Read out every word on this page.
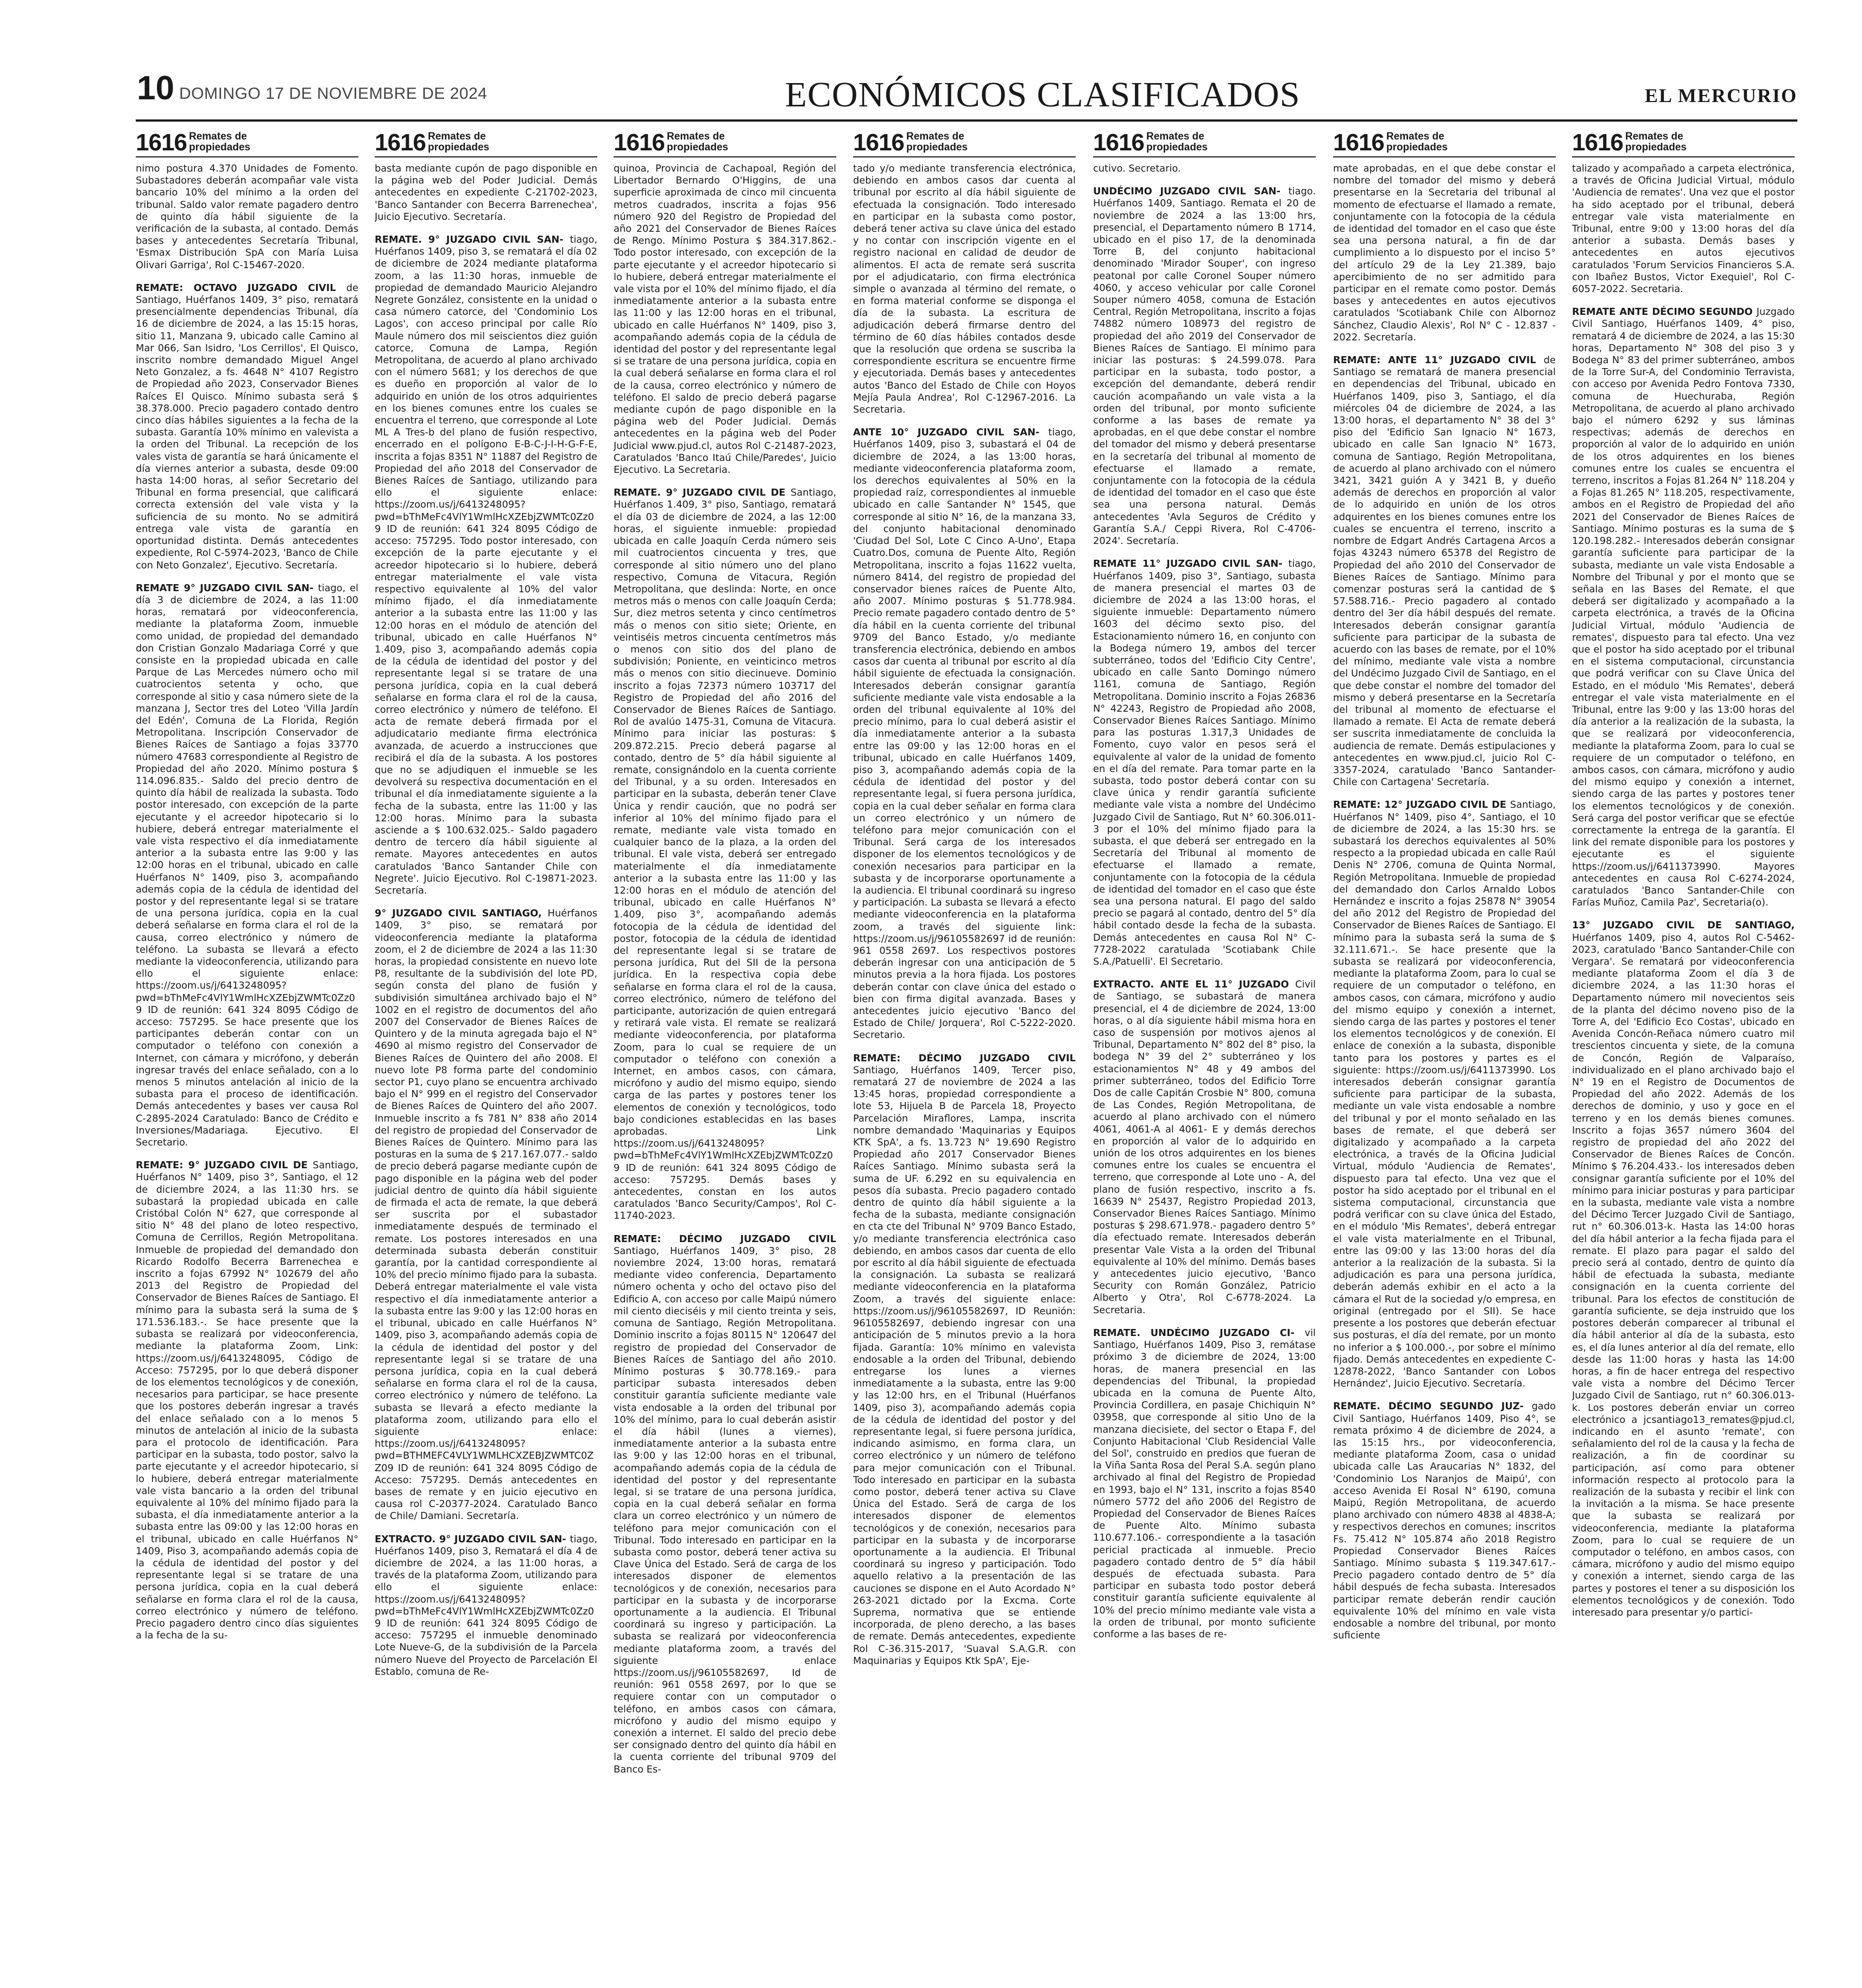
10 DOMINGO 17 DE NOVIEMBRE DE 2024	ECONÓMICOS CLASIFICADOS	EL MERCURIO
1616 Remates de propiedades

nimo postura 4.370 Unidades de Fomento. Subastadores deberán acompañar vale vista bancario 10% del mínimo a la orden del tribunal. Saldo valor remate pagadero dentro de quinto día hábil siguiente de la verificación de la subasta, al contado. Demás bases y antecedentes Secretaría Tribunal, 'Esmax Distribución SpA con María Luisa Olivari Garriga', Rol C-15467-2020.

REMATE: OCTAVO JUZGADO CIVIL de Santiago, Huérfanos 1409, 3° piso, rematará presencialmente dependencias Tribunal, día 16 de diciembre de 2024, a las 15:15 horas, sitio 11, Manzana 9, ubicado calle Camino al Mar 066, San Isidro, 'Los Cerrillos', El Quisco, inscrito nombre demandado Miguel Angel Neto Gonzalez, a fs. 4648 N° 4107 Registro de Propiedad año 2023, Conservador Bienes Raíces El Quisco. Mínimo subasta será $ 38.378.000. Precio pagadero contado dentro cinco días hábiles siguientes a la fecha de la subasta. Garantía 10% mínimo en valevista a la orden del Tribunal. La recepción de los vales vista de garantía se hará únicamente el día viernes anterior a subasta, desde 09:00 hasta 14:00 horas, al señor Secretario del Tribunal en forma presencial, que calificará correcta extensión del vale vista y la suficiencia de su monto. No se admitirá entrega vale vista de garantía en oportunidad distinta. Demás antecedentes expediente, Rol C-5974-2023, 'Banco de Chile con Neto Gonzalez', Ejecutivo. Secretaría.

REMATE 9° JUZGADO CIVIL SAN- tiago, el día 3 de diciembre de 2024, a las 11:00 horas, rematará por videoconferencia, mediante la plataforma Zoom, inmueble como unidad, de propiedad del demandado don Cristian Gonzalo Madariaga Corré y que consiste en la propiedad ubicada en calle Parque de Las Mercedes número ocho mil cuatrocientos setenta y ocho, que corresponde al sitio y casa número siete de la manzana J, Sector tres del Loteo 'Villa Jardín del Edén', Comuna de La Florida, Región Metropolitana. Inscripción Conservador de Bienes Raíces de Santiago a fojas 33770 número 47683 correspondiente al Registro de Propiedad del año 2020. Mínimo postura $ 114.096.835.- Saldo del precio dentro de quinto día hábil de realizada la subasta. Todo postor interesado, con excepción de la parte ejecutante y el acreedor hipotecario si lo hubiere, deberá entregar materialmente el vale vista respectivo el día inmediatamente anterior a la subasta entre las 9:00 y las 12:00 horas en el tribunal, ubicado en calle Huérfanos N° 1409, piso 3, acompañando además copia de la cédula de identidad del postor y del representante legal si se tratare de una persona jurídica, copia en la cual deberá señalarse en forma clara el rol de la causa, correo electrónico y número de teléfono. La subasta se llevará a efecto mediante la videoconferencia, utilizando para ello el siguiente enlace: https://zoom.us/j/6413248095?pwd=bThMeFc4VlY1WmlHcXZEbjZWMTc0Zz09 ID de reunión: 641 324 8095 Código de acceso: 757295. Se hace presente que los participantes deberán contar con un computador o teléfono con conexión a Internet, con cámara y micrófono, y deberán ingresar través del enlace señalado, con a lo menos 5 minutos antelación al inicio de la subasta para el proceso de identificación. Demás antecedentes y bases ver causa Rol C-2895-2024 Caratulado: Banco de Crédito e Inversiones/Madariaga. Ejecutivo. El Secretario.

REMATE: 9° JUZGADO CIVIL DE Santiago, Huérfanos N° 1409, piso 3°, Santiago, el 12 de diciembre 2024, a las 11:30 hrs. se subastará la propiedad ubicada en calle Cristóbal Colón N° 627, que corresponde al sitio N° 48 del plano de loteo respectivo, Comuna de Cerrillos, Región Metropolitana. Inmueble de propiedad del demandado don Ricardo Rodolfo Becerra Barrenechea e inscrito a fojas 67992 N° 102679 del año 2013 del Registro de Propiedad del Conservador de Bienes Raíces de Santiago. El mínimo para la subasta será la suma de $ 171.536.183.-. Se hace presente que la subasta se realizará por videoconferencia, mediante la plataforma Zoom, Link: https://zoom.us/j/6413248095, Código de Acceso: 757295, por lo que deberá disponer de los elementos tecnológicos y de conexión, necesarios para participar, se hace presente que los postores deberán ingresar a través del enlace señalado con a lo menos 5 minutos de antelación al inicio de la subasta para el protocolo de identificación. Para participar en la subasta, todo postor, salvo la parte ejecutante y el acreedor hipotecario, si lo hubiere, deberá entregar materialmente vale vista bancario a la orden del tribunal equivalente al 10% del mínimo fijado para la subasta, el día inmediatamente anterior a la subasta entre las 09:00 y las 12:00 horas en el tribunal, ubicado en calle Huérfanos N° 1409, Piso 3, acompañando además copia de la cédula de identidad del postor y del representante legal si se tratare de una persona jurídica, copia en la cual deberá señalarse en forma clara el rol de la causa, correo electrónico y número de teléfono. Precio pagadero dentro cinco días siguientes a la fecha de la su-

1616 Remates de propiedades

basta mediante cupón de pago disponible en la página web del Poder Judicial. Demás antecedentes en expediente C-21702-2023, 'Banco Santander con Becerra Barrenechea', Juicio Ejecutivo. Secretaría.

REMATE. 9° JUZGADO CIVIL SAN- tiago, Huérfanos 1409, piso 3, se rematará el día 02 de diciembre de 2024 mediante plataforma zoom, a las 11:30 horas, inmueble de propiedad de demandado Mauricio Alejandro Negrete González, consistente en la unidad o casa número catorce, del 'Condominio Los Lagos', con acceso principal por calle Río Maule número dos mil seiscientos diez guión catorce, Comuna de Lampa, Región Metropolitana, de acuerdo al plano archivado con el número 5681; y los derechos de que es dueño en proporción al valor de lo adquirido en unión de los otros adquirientes en los bienes comunes entre los cuales se encuentra el terreno, que corresponde al Lote ML A Tres-b del plano de fusión respectivo, encerrado en el polígono E-B-C-J-I-H-G-F-E, inscrita a fojas 8351 N° 11887 del Registro de Propiedad del año 2018 del Conservador de Bienes Raíces de Santiago, utilizando para ello el siguiente enlace: https://zoom.us/j/6413248095?pwd=bThMeFc4VlY1WmlHcXZEbjZWMTc0Zz09 ID de reunión: 641 324 8095 Código de acceso: 757295. Todo postor interesado, con excepción de la parte ejecutante y el acreedor hipotecario si lo hubiere, deberá entregar materialmente el vale vista respectivo equivalente al 10% del valor mínimo fijado, el día inmediatamente anterior a la subasta entre las 11:00 y las 12:00 horas en el módulo de atención del tribunal, ubicado en calle Huérfanos N° 1.409, piso 3, acompañando además copia de la cédula de identidad del postor y del representante legal si se tratare de una persona jurídica, copia en la cual deberá señalarse en forma clara el rol de la causa, correo electrónico y número de teléfono. El acta de remate deberá firmada por el adjudicatario mediante firma electrónica avanzada, de acuerdo a instrucciones que recibirá el día de la subasta. A los postores que no se adjudiquen el inmueble se les devolverá su respectiva documentación en el tribunal el día inmediatamente siguiente a la fecha de la subasta, entre las 11:00 y las 12:00 horas. Mínimo para la subasta asciende a $ 100.632.025.- Saldo pagadero dentro de tercero día hábil siguiente al remate. Mayores antecedentes en autos caratulados 'Banco Santander Chile con Negrete'. Juicio Ejecutivo. Rol C-19871-2023. Secretaría.

9° JUZGADO CIVIL SANTIAGO, Huérfanos 1409, 3° piso, se rematará por videoconferencia mediante la plataforma zoom, el 2 de diciembre de 2024 a las 11:30 horas, la propiedad consistente en nuevo lote P8, resultante de la subdivisión del lote PD, según consta del plano de fusión y subdivisión simultánea archivado bajo el N° 1002 en el registro de documentos del año 2007 del Conservador de Bienes Raíces de Quintero y de la minuta agregada bajo el N° 4690 al mismo registro del Conservador de Bienes Raíces de Quintero del año 2008. El nuevo lote P8 forma parte del condominio sector P1, cuyo plano se encuentra archivado bajo el N° 999 en el registro del Conservador de Bienes Raíces de Quintero del año 2007. Inmueble inscrito a fs 781 N° 838 año 2014 del registro de propiedad del Conservador de Bienes Raíces de Quintero. Mínimo para las posturas en la suma de $ 217.167.077.- saldo de precio deberá pagarse mediante cupón de pago disponible en la página web del poder judicial dentro de quinto día hábil siguiente de firmada el acta de remate, la que deberá ser suscrita por el subastador inmediatamente después de terminado el remate. Los postores interesados en una determinada subasta deberán constituir garantía, por la cantidad correspondiente al 10% del precio mínimo fijado para la subasta. Deberá entregar materialmente el vale vista respectivo el día inmediatamente anterior a la subasta entre las 9:00 y las 12:00 horas en el tribunal, ubicado en calle Huérfanos N° 1409, piso 3, acompañando además copia de la cédula de identidad del postor y del representante legal si se tratare de una persona jurídica, copia en la cual deberá señalarse en forma clara el rol de la causa, correo electrónico y número de teléfono. La subasta se llevará a efecto mediante la plataforma zoom, utilizando para ello el siguiente enlace: https://zoom.us/j/6413248095?pwd=BTHMEFC4VLY1WMLHCXZEBJZWMTC0ZZ09 ID de reunión: 641 324 8095 Código de Acceso: 757295. Demás antecedentes en bases de remate y en juicio ejecutivo en causa rol C-20377-2024. Caratulado Banco de Chile/ Damiani. Secretaría.

EXTRACTO. 9° JUZGADO CIVIL SAN- tiago, Huérfanos 1409, piso 3, Rematará el día 4 de diciembre de 2024, a las 11:00 horas, a través de la plataforma Zoom, utilizando para ello el siguiente enlace: https://zoom.us/j/6413248095?pwd=bThMeFc4VlY1WmlHcXZEbjZWMTc0Zz09 ID de reunión: 641 324 8095 Código de acceso: 757295 el inmueble denominado Lote Nueve-G, de la subdivisión de la Parcela número Nueve del Proyecto de Parcelación El Establo, comuna de Re-

1616 Remates de propiedades

quinoa, Provincia de Cachapoal, Región del Libertador Bernardo O'Higgins, de una superficie aproximada de cinco mil cincuenta metros cuadrados, inscrita a fojas 956 número 920 del Registro de Propiedad del año 2021 del Conservador de Bienes Raíces de Rengo. Mínimo Postura $ 384.317.862.- Todo postor interesado, con excepción de la parte ejecutante y el acreedor hipotecario si lo hubiere, deberá entregar materialmente el vale vista por el 10% del mínimo fijado, el día inmediatamente anterior a la subasta entre las 11:00 y las 12:00 horas en el tribunal, ubicado en calle Huérfanos N° 1409, piso 3, acompañando además copia de la cédula de identidad del postor y del representante legal si se tratare de una persona jurídica, copia en la cual deberá señalarse en forma clara el rol de la causa, correo electrónico y número de teléfono. El saldo de precio deberá pagarse mediante cupón de pago disponible en la página web del Poder Judicial. Demás antecedentes en la página web del Poder Judicial www.pjud.cl, autos Rol C-21487-2023, Caratulados 'Banco Itaú Chile/Paredes', Juicio Ejecutivo. La Secretaria.

REMATE. 9° JUZGADO CIVIL DE Santiago, Huérfanos 1.409, 3° piso, Santiago, rematará el día 03 de diciembre de 2024, a las 12:00 horas, el siguiente inmueble: propiedad ubicada en calle Joaquín Cerda número seis mil cuatrocientos cincuenta y tres, que corresponde al sitio número uno del plano respectivo, Comuna de Vitacura, Región Metropolitana, que deslinda: Norte, en once metros más o menos con calle Joaquín Cerda; Sur, diez metros setenta y cinco centímetros más o menos con sitio siete; Oriente, en veintiséis metros cincuenta centímetros más o menos con sitio dos del plano de subdivisión; Poniente, en veinticinco metros más o menos con sitio diecinueve. Dominio inscrito a fojas 72373 número 103717 del Registro de Propiedad del año 2016 del Conservador de Bienes Raíces de Santiago. Rol de avalúo 1475-31, Comuna de Vitacura. Mínimo para iniciar las posturas: $ 209.872.215. Precio deberá pagarse al contado, dentro de 5° día hábil siguiente al remate, consignándolo en la cuenta corriente del Tribunal, y a su orden. Interesados en participar en la subasta, deberán tener Clave Única y rendir caución, que no podrá ser inferior al 10% del mínimo fijado para el remate, mediante vale vista tomado en cualquier banco de la plaza, a la orden del tribunal. El vale vista, deberá ser entregado materialmente el día inmediatamente anterior a la subasta entre las 11:00 y las 12:00 horas en el módulo de atención del tribunal, ubicado en calle Huérfanos N° 1.409, piso 3°, acompañando además fotocopia de la cédula de identidad del postor, fotocopia de la cédula de identidad del representante legal si se tratare de persona jurídica, Rut del SII de la persona jurídica. En la respectiva copia debe señalarse en forma clara el rol de la causa, correo electrónico, número de teléfono del participante, autorización de quien entregará y retirará vale vista. El remate se realizará mediante videoconferencia, por plataforma Zoom, para lo cual se requiere de un computador o teléfono con conexión a Internet, en ambos casos, con cámara, micrófono y audio del mismo equipo, siendo carga de las partes y postores tener los elementos de conexión y tecnológicos, todo bajo condiciones establecidas en las bases aprobadas. Link https://zoom.us/j/6413248095?pwd=bThMeFc4VlY1WmlHcXZEbjZWMTc0Zz09 ID de reunión: 641 324 8095 Código de acceso: 757295. Demás bases y antecedentes, constan en los autos caratulados 'Banco Security/Campos', Rol C-11740-2023.

REMATE: DÉCIMO JUZGADO CIVIL Santiago, Huérfanos 1409, 3° piso, 28 noviembre 2024, 13:00 horas, rematará mediante video conferencia, Departamento número ochenta y ocho del octavo piso del Edificio A, con acceso por calle Maipú número mil ciento dieciséis y mil ciento treinta y seis, comuna de Santiago, Región Metropolitana. Dominio inscrito a fojas 80115 N° 120647 del registro de propiedad del Conservador de Bienes Raíces de Santiago del año 2010. Mínimo posturas $ 30.778.169.- para participar subasta interesados deben constituir garantía suficiente mediante vale vista endosable a la orden del tribunal por 10% del mínimo, para lo cual deberán asistir el día hábil (lunes a viernes), inmediatamente anterior a la subasta entre las 9:00 y las 12:00 horas en el tribunal, acompañando además copia de la cédula de identidad del postor y del representante legal, si se tratare de una persona jurídica, copia en la cual deberá señalar en forma clara un correo electrónico y un número de teléfono para mejor comunicación con el Tribunal. Todo interesado en participar en la subasta como postor, deberá tener activa su Clave Única del Estado. Será de carga de los interesados disponer de elementos tecnológicos y de conexión, necesarios para participar en la subasta y de incorporarse oportunamente a la audiencia. El Tribunal coordinará su ingreso y participación. La subasta se realizará por videoconferencia mediante plataforma zoom, a través del siguiente enlace https://zoom.us/j/96105582697, Id de reunión: 961 0558 2697, por lo que se requiere contar con un computador o teléfono, en ambos casos con cámara, micrófono y audio del mismo equipo y conexión a internet. El saldo del precio debe ser consignado dentro del quinto día hábil en la cuenta corriente del tribunal 9709 del Banco Es-

1616 Remates de propiedades

tado y/o mediante transferencia electrónica, debiendo en ambos casos dar cuenta al tribunal por escrito al día hábil siguiente de efectuada la consignación. Todo interesado en participar en la subasta como postor, deberá tener activa su clave única del estado y no contar con inscripción vigente en el registro nacional en calidad de deudor de alimentos. El acta de remate será suscrita por el adjudicatario, con firma electrónica simple o avanzada al término del remate, o en forma material conforme se disponga el día de la subasta. La escritura de adjudicación deberá firmarse dentro del término de 60 días hábiles contados desde que la resolución que ordena se suscriba la correspondiente escritura se encuentre firme y ejecutoriada. Demás bases y antecedentes autos 'Banco del Estado de Chile con Hoyos Mejía Paula Andrea', Rol C-12967-2016. La Secretaria.

ANTE 10° JUZGADO CIVIL SAN- tiago, Huérfanos 1409, piso 3, subastará el 04 de diciembre de 2024, a las 13:00 horas, mediante videoconferencia plataforma zoom, los derechos equivalentes al 50% en la propiedad raíz, correspondientes al inmueble ubicado en calle Santander N° 1545, que corresponde al sitio N° 16, de la manzana 33, del conjunto habitacional denominado 'Ciudad Del Sol, Lote C Cinco A-Uno', Etapa Cuatro.Dos, comuna de Puente Alto, Región Metropolitana, inscrito a fojas 11622 vuelta, número 8414, del registro de propiedad del conservador bienes raíces de Puente Alto, año 2007. Mínimo posturas $ 51.778.984. Precio remate pagadero contado dentro de 5° día hábil en la cuenta corriente del tribunal 9709 del Banco Estado, y/o mediante transferencia electrónica, debiendo en ambos casos dar cuenta al tribunal por escrito al día hábil siguiente de efectuada la consignación. Interesados deberán consignar garantía suficiente mediante vale vista endosable a la orden del tribunal equivalente al 10% del precio mínimo, para lo cual deberá asistir el día inmediatamente anterior a la subasta entre las 09:00 y las 12:00 horas en el tribunal, ubicado en calle Huérfanos 1409, piso 3, acompañando además copia de la cédula de identidad del postor y del representante legal, si fuera persona jurídica, copia en la cual deber señalar en forma clara un correo electrónico y un número de teléfono para mejor comunicación con el Tribunal. Será carga de los interesados disponer de los elementos tecnológicos y de conexión necesarios para participar en la subasta y de incorporarse oportunamente a la audiencia. El tribunal coordinará su ingreso y participación. La subasta se llevará a efecto mediante videoconferencia en la plataforma zoom, a través del siguiente link: https://zoom.us/j/96105582697 id de reunión: 961 0558 2697. Los respectivos postores deberán ingresar con una anticipación de 5 minutos previa a la hora fijada. Los postores deberán contar con clave única del estado o bien con firma digital avanzada. Bases y antecedentes juicio ejecutivo 'Banco del Estado de Chile/ Jorquera', Rol C-5222-2020. Secretario.

REMATE: DÉCIMO JUZGADO CIVIL Santiago, Huérfanos 1409, Tercer piso, rematará 27 de noviembre de 2024 a las 13:45 horas, propiedad correspondiente a lote 53, Hijuela B de Parcela 18, Proyecto Parcelación Miraflores, Lampa, inscrita nombre demandado 'Maquinarias y Equipos KTK SpA', a fs. 13.723 N° 19.690 Registro Propiedad año 2017 Conservador Bienes Raíces Santiago. Mínimo subasta será la suma de UF. 6.292 en su equivalencia en pesos día subasta. Precio pagadero contado dentro de quinto día hábil siguiente a la fecha de la subasta, mediante consignación en cta cte del Tribunal N° 9709 Banco Estado, y/o mediante transferencia electrónica caso debiendo, en ambos casos dar cuenta de ello por escrito al día hábil siguiente de efectuada la consignación. La subasta se realizará mediante videoconferencia en la plataforma Zoom, a través del siguiente enlace: https://zoom.us/j/96105582697, ID Reunión: 96105582697, debiendo ingresar con una anticipación de 5 minutos previo a la hora fijada. Garantía: 10% mínimo en valevista endosable a la orden del Tribunal, debiendo entregarse los lunes a viernes inmediatamente a la subasta, entre las 9:00 y las 12:00 hrs, en el Tribunal (Huérfanos 1409, piso 3), acompañando además copia de la cédula de identidad del postor y del representante legal, si fuere persona jurídica, indicando asimismo, en forma clara, un correo electrónico y un número de teléfono para mejor comunicación con el Tribunal. Todo interesado en participar en la subasta como postor, deberá tener activa su Clave Única del Estado. Será de carga de los interesados disponer de elementos tecnológicos y de conexión, necesarios para participar en la subasta y de incorporarse oportunamente a la audiencia. El Tribunal coordinará su ingreso y participación. Todo aquello relativo a la presentación de las cauciones se dispone en el Auto Acordado N° 263-2021 dictado por la Excma. Corte Suprema, normativa que se entiende incorporada, de pleno derecho, a las bases de remate. Demás antecedentes, expediente Rol C-36.315-2017, 'Suaval S.A.G.R. con Maquinarias y Equipos Ktk SpA', Eje-

1616 Remates de propiedades

cutivo. Secretario.

UNDÉCIMO JUZGADO CIVIL SAN- tiago. Huérfanos 1409, Santiago. Remata el 20 de noviembre de 2024 a las 13:00 hrs, presencial, el Departamento número B 1714, ubicado en el piso 17, de la denominada Torre B, del conjunto habitacional denominado 'Mirador Souper', con ingreso peatonal por calle Coronel Souper número 4060, y acceso vehicular por calle Coronel Souper número 4058, comuna de Estación Central, Región Metropolitana, inscrito a fojas 74882 número 108973 del registro de propiedad del año 2019 del Conservador de Bienes Raíces de Santiago. El mínimo para iniciar las posturas: $ 24.599.078. Para participar en la subasta, todo postor, a excepción del demandante, deberá rendir caución acompañando un vale vista a la orden del tribunal, por monto suficiente conforme a las bases de remate ya aprobadas, en el que debe constar el nombre del tomador del mismo y deberá presentarse en la secretaría del tribunal al momento de efectuarse el llamado a remate, conjuntamente con la fotocopia de la cédula de identidad del tomador en el caso que éste sea una persona natural. Demás antecedentes 'Avla Seguros de Crédito y Garantía S.A./ Ceppi Rivera, Rol C-4706-2024'. Secretaría.

REMATE 11° JUZGADO CIVIL SAN- tiago, Huérfanos 1409, piso 3°, Santiago, subasta de manera presencial el martes 03 de diciembre de 2024 a las 13:00 horas, el siguiente inmueble: Departamento número 1603 del décimo sexto piso, del Estacionamiento número 16, en conjunto con la Bodega número 19, ambos del tercer subterráneo, todos del 'Edificio City Centre', ubicado en calle Santo Domingo número 1161, comuna de Santiago, Región Metropolitana. Dominio inscrito a Fojas 26836 N° 42243, Registro de Propiedad año 2008, Conservador Bienes Raíces Santiago. Mínimo para las posturas 1.317,3 Unidades de Fomento, cuyo valor en pesos será el equivalente al valor de la unidad de fomento en el día del remate. Para tomar parte en la subasta, todo postor deberá contar con su clave única y rendir garantía suficiente mediante vale vista a nombre del Undécimo Juzgado Civil de Santiago, Rut N° 60.306.011-3 por el 10% del mínimo fijado para la subasta, el que deberá ser entregado en la Secretaría del Tribunal al momento de efectuarse el llamado a remate, conjuntamente con la fotocopia de la cédula de identidad del tomador en el caso que éste sea una persona natural. El pago del saldo precio se pagará al contado, dentro del 5° día hábil contado desde la fecha de la subasta. Demás antecedentes en causa Rol N° C-7728-2022 caratulada 'Scotiabank Chile S.A./Patuelli'. El Secretario.

EXTRACTO. ANTE EL 11° JUZGADO Civil de Santiago, se subastará de manera presencial, el 4 de diciembre de 2024, 13:00 horas, o al día siguiente hábil misma hora en caso de suspensión por motivos ajenos al Tribunal, Departamento N° 802 del 8° piso, la bodega N° 39 del 2° subterráneo y los estacionamientos N° 48 y 49 ambos del primer subterráneo, todos del Edificio Torre Dos de calle Capitán Crosbie N° 800, comuna de Las Condes, Región Metropolitana, de acuerdo al plano archivado con el número 4061, 4061-A al 4061- E y demás derechos en proporción al valor de lo adquirido en unión de los otros adquirentes en los bienes comunes entre los cuales se encuentra el terreno, que corresponde al Lote uno - A, del plano de fusión respectivo, inscrito a fs. 16639 N° 25437, Registro Propiedad 2013, Conservador Bienes Raíces Santiago. Mínimo posturas $ 298.671.978.- pagadero dentro 5° día efectuado remate. Interesados deberán presentar Vale Vista a la orden del Tribunal equivalente al 10% del mínimo. Demás bases y antecedentes juicio ejecutivo, 'Banco Security con Román González, Patricio Alberto y Otra', Rol C-6778-2024. La Secretaria.

REMATE. UNDÉCIMO JUZGADO CI- vil Santiago, Huérfanos 1409, Piso 3, remátase próximo 3 de diciembre de 2024, 13:00 horas, de manera presencial en las dependencias del Tribunal, la propiedad ubicada en la comuna de Puente Alto, Provincia Cordillera, en pasaje Chichiquin N° 03958, que corresponde al sitio Uno de la manzana diecisiete, del sector o Etapa F, del Conjunto Habitacional 'Club Residencial Valle del Sol', construido en predios que fueran de la Viña Santa Rosa del Peral S.A. según plano archivado al final del Registro de Propiedad en 1993, bajo el N° 131, inscrito a fojas 8540 número 5772 del año 2006 del Registro de Propiedad del Conservador de Bienes Raíces de Puente Alto. Mínimo subasta 110.677.106.- correspondiente a la tasación pericial practicada al inmueble. Precio pagadero contado dentro de 5° día hábil después de efectuada subasta. Para participar en subasta todo postor deberá constituir garantía suficiente equivalente al 10% del precio mínimo mediante vale vista a la orden de tribunal, por monto suficiente conforme a las bases de re-

1616 Remates de propiedades

mate aprobadas, en el que debe constar el nombre del tomador del mismo y deberá presentarse en la Secretaria del tribunal al momento de efectuarse el llamado a remate, conjuntamente con la fotocopia de la cédula de identidad del tomador en el caso que éste sea una persona natural, a fin de dar cumplimiento a lo dispuesto por el inciso 5° del artículo 29 de la Ley 21.389, bajo apercibimiento de no ser admitido para participar en el remate como postor. Demás bases y antecedentes en autos ejecutivos caratulados 'Scotiabank Chile con Albornoz Sánchez, Claudio Alexis', Rol N° C - 12.837 - 2022. Secretaría.

REMATE: ANTE 11° JUZGADO CIVIL de Santiago se rematará de manera presencial en dependencias del Tribunal, ubicado en Huérfanos 1409, piso 3, Santiago, el día miércoles 04 de diciembre de 2024, a las 13:00 horas, el departamento N° 38 del 3° piso del 'Edificio San Ignacio N° 1673, ubicado en calle San Ignacio N° 1673, comuna de Santiago, Región Metropolitana, de acuerdo al plano archivado con el número 3421, 3421 guión A y 3421 B, y dueño además de derechos en proporción al valor de lo adquirido en unión de los otros adquirentes en los bienes comunes entre los cuales se encuentra el terreno, inscrito a nombre de Edgart Andrés Cartagena Arcos a fojas 43243 número 65378 del Registro de Propiedad del año 2010 del Conservador de Bienes Raíces de Santiago. Mínimo para comenzar posturas será la cantidad de $ 57.588.716.- Precio pagadero al contado dentro del 3er día hábil después del remate. Interesados deberán consignar garantía suficiente para participar de la subasta de acuerdo con las bases de remate, por el 10% del mínimo, mediante vale vista a nombre del Undécimo Juzgado Civil de Santiago, en el que debe constar el nombre del tomador del mismo y deberá presentarse en la Secretaría del tribunal al momento de efectuarse el llamado a remate. El Acta de remate deberá ser suscrita inmediatamente de concluida la audiencia de remate. Demás estipulaciones y antecedentes en www.pjud.cl, juicio Rol C-3357-2024, caratulado 'Banco Santander-Chile con Cartagena' Secretaría.

REMATE: 12° JUZGADO CIVIL DE Santiago, Huérfanos N° 1409, piso 4°, Santiago, el 10 de diciembre de 2024, a las 15:30 hrs. se subastará los derechos equivalentes al 50% respecto a la propiedad ubicada en calle Raúl Denis N° 2706, comuna de Quinta Normal, Región Metropolitana. Inmueble de propiedad del demandado don Carlos Arnaldo Lobos Hernández e inscrito a fojas 25878 N° 39054 del año 2012 del Registro de Propiedad del Conservador de Bienes Raíces de Santiago. El mínimo para la subasta será la suma de $ 32.111.671.-. Se hace presente que la subasta se realizará por videoconferencia, mediante la plataforma Zoom, para lo cual se requiere de un computador o teléfono, en ambos casos, con cámara, micrófono y audio del mismo equipo y conexión a internet, siendo carga de las partes y postores el tener los elementos tecnológicos y de conexión. El enlace de conexión a la subasta, disponible tanto para los postores y partes es el siguiente: https://zoom.us/j/6411373990. Los interesados deberán consignar garantía suficiente para participar de la subasta, mediante un vale vista endosable a nombre del tribunal y por el monto señalado en las bases de remate, el que deberá ser digitalizado y acompañado a la carpeta electrónica, a través de la Oficina Judicial Virtual, módulo 'Audiencia de Remates', dispuesto para tal efecto. Una vez que el postor ha sido aceptado por el tribunal en el sistema computacional, circunstancia que podrá verificar con su clave única del Estado, en el módulo 'Mis Remates', deberá entregar el vale vista materialmente en el Tribunal, entre las 09:00 y las 13:00 horas del día anterior a la realización de la subasta. Si la adjudicación es para una persona jurídica, deberán además exhibir en el acto a la cámara el Rut de la sociedad y/o empresa, en original (entregado por el SII). Se hace presente a los postores que deberán efectuar sus posturas, el día del remate, por un monto no inferior a $ 100.000.-, por sobre el mínimo fijado. Demás antecedentes en expediente C-12878-2022, 'Banco Santander con Lobos Hernández', Juicio Ejecutivo. Secretaría.

REMATE. DÉCIMO SEGUNDO JUZ- gado Civil Santiago, Huérfanos 1409, Piso 4°, se remata próximo 4 de diciembre de 2024, a las 15:15 hrs., por videoconferencia, mediante plataforma Zoom, casa o unidad ubicada calle Las Araucarias N° 1832, del 'Condominio Los Naranjos de Maipú', con acceso Avenida El Rosal N° 6190, comuna Maipú, Región Metropolitana, de acuerdo plano archivado con número 4838 al 4838-A; y respectivos derechos en comunes; inscritos Fs. 75.412 N° 105.874 año 2018 Registro Propiedad Conservador Bienes Raíces Santiago. Mínimo subasta $ 119.347.617.- Precio pagadero contado dentro de 5° día hábil después de fecha subasta. Interesados participar remate deberán rendir caución equivalente 10% del mínimo en vale vista endosable a nombre del tribunal, por monto suficiente

1616 Remates de propiedades

talizado y acompañado a carpeta electrónica, a través de Oficina Judicial Virtual, módulo 'Audiencia de remates'. Una vez que el postor ha sido aceptado por el tribunal, deberá entregar vale vista materialmente en Tribunal, entre 9:00 y 13:00 horas del día anterior a subasta. Demás bases y antecedentes en autos ejecutivos caratulados 'Forum Servicios Financieros S.A. con Ibañez Bustos, Victor Exequiel', Rol C-6057-2022. Secretaria.

REMATE ANTE DÉCIMO SEGUNDO Juzgado Civil Santiago, Huérfanos 1409, 4° piso, rematará 4 de diciembre de 2024, a las 15:30 horas, Departamento N° 308 del piso 3 y Bodega N° 83 del primer subterráneo, ambos de la Torre Sur-A, del Condominio Terravista, con acceso por Avenida Pedro Fontova 7330, comuna de Huechuraba, Región Metropolitana, de acuerdo al plano archivado bajo el número 6292 y sus láminas respectivas; además de derechos en proporción al valor de lo adquirido en unión de los otros adquirentes en los bienes comunes entre los cuales se encuentra el terreno, inscritos a Fojas 81.264 N° 118.204 y a Fojas 81.265 N° 118.205, respectivamente, ambos en el Registro de Propiedad del año 2021 del Conservador de Bienes Raíces de Santiago. Mínimo posturas es la suma de $ 120.198.282.- Interesados deberán consignar garantía suficiente para participar de la subasta, mediante un vale vista Endosable a Nombre del Tribunal y por el monto que se señala en las Bases del Remate, el que deberá ser digitalizado y acompañado a la carpeta electrónica, a través de la Oficina Judicial Virtual, módulo 'Audiencia de remates', dispuesto para tal efecto. Una vez que el postor ha sido aceptado por el tribunal en el sistema computacional, circunstancia que podrá verificar con su Clave Única del Estado, en el módulo 'Mis Remates', deberá entregar el vale vista materialmente en el Tribunal, entre las 9:00 y las 13:00 horas del día anterior a la realización de la subasta, la que se realizará por videoconferencia, mediante la plataforma Zoom, para lo cual se requiere de un computador o teléfono, en ambos casos, con cámara, micrófono y audio del mismo equipo y conexión a internet, siendo carga de las partes y postores tener los elementos tecnológicos y de conexión. Será carga del postor verificar que se efectúe correctamente la entrega de la garantía. El link del remate disponible para los postores y ejecutante es el siguiente https://zoom.us/j/6411373990. Mayores antecedentes en causa Rol C-6274-2024, caratulados 'Banco Santander-Chile con Farías Muñoz, Camila Paz', Secretaria(o).

13° JUZGADO CIVIL DE SANTIAGO, Huérfanos 1409, piso 4, autos Rol C-5462-2023, caratulado 'Banco Santander-Chile con Vergara'. Se rematará por videoconferencia mediante plataforma Zoom el día 3 de diciembre 2024, a las 11:30 horas el Departamento número mil novecientos seis de la planta del décimo noveno piso de la Torre A, del 'Edificio Eco Costas', ubicado en Avenida Concón-Reñaca número cuatro mil trescientos cincuenta y siete, de la comuna de Concón, Región de Valparaíso, individualizado en el plano archivado bajo el N° 19 en el Registro de Documentos de Propiedad del año 2022. Además de los derechos de dominio, y uso y goce en el terreno y en los demás bienes comunes. Inscrito a fojas 3657 número 3604 del registro de propiedad del año 2022 del Conservador de Bienes Raíces de Concón. Mínimo $ 76.204.433.- los interesados deben consignar garantía suficiente por el 10% del mínimo para iniciar posturas y para participar en la subasta, mediante vale vista a nombre del Décimo Tercer Juzgado Civil de Santiago, rut n° 60.306.013-k. Hasta las 14:00 horas del día hábil anterior a la fecha fijada para el remate. El plazo para pagar el saldo del precio será al contado, dentro de quinto día hábil de efectuada la subasta, mediante consignación en la cuenta corriente del tribunal. Para los efectos de constitución de garantía suficiente, se deja instruido que los postores deberán comparecer al tribunal el día hábil anterior al día de la subasta, esto es, el día lunes anterior al día del remate, ello desde las 11:00 horas y hasta las 14:00 horas, a fin de hacer entrega del respectivo vale vista a nombre del Décimo Tercer Juzgado Civil de Santiago, rut n° 60.306.013-k. Los postores deberán enviar un correo electrónico a jcsantiago13_remates@pjud.cl, indicando en el asunto 'remate', con señalamiento del rol de la causa y la fecha de realización, a fin de coordinar su participación, así como para obtener información respecto al protocolo para la realización de la subasta y recibir el link con la invitación a la misma. Se hace presente que la subasta se realizará por videoconferencia, mediante la plataforma Zoom, para lo cual se requiere de un computador o teléfono, en ambos casos, con cámara, micrófono y audio del mismo equipo y conexión a internet, siendo carga de las partes y postores el tener a su disposición los elementos tecnológicos y de conexión. Todo interesado para presentar y/o partici-
